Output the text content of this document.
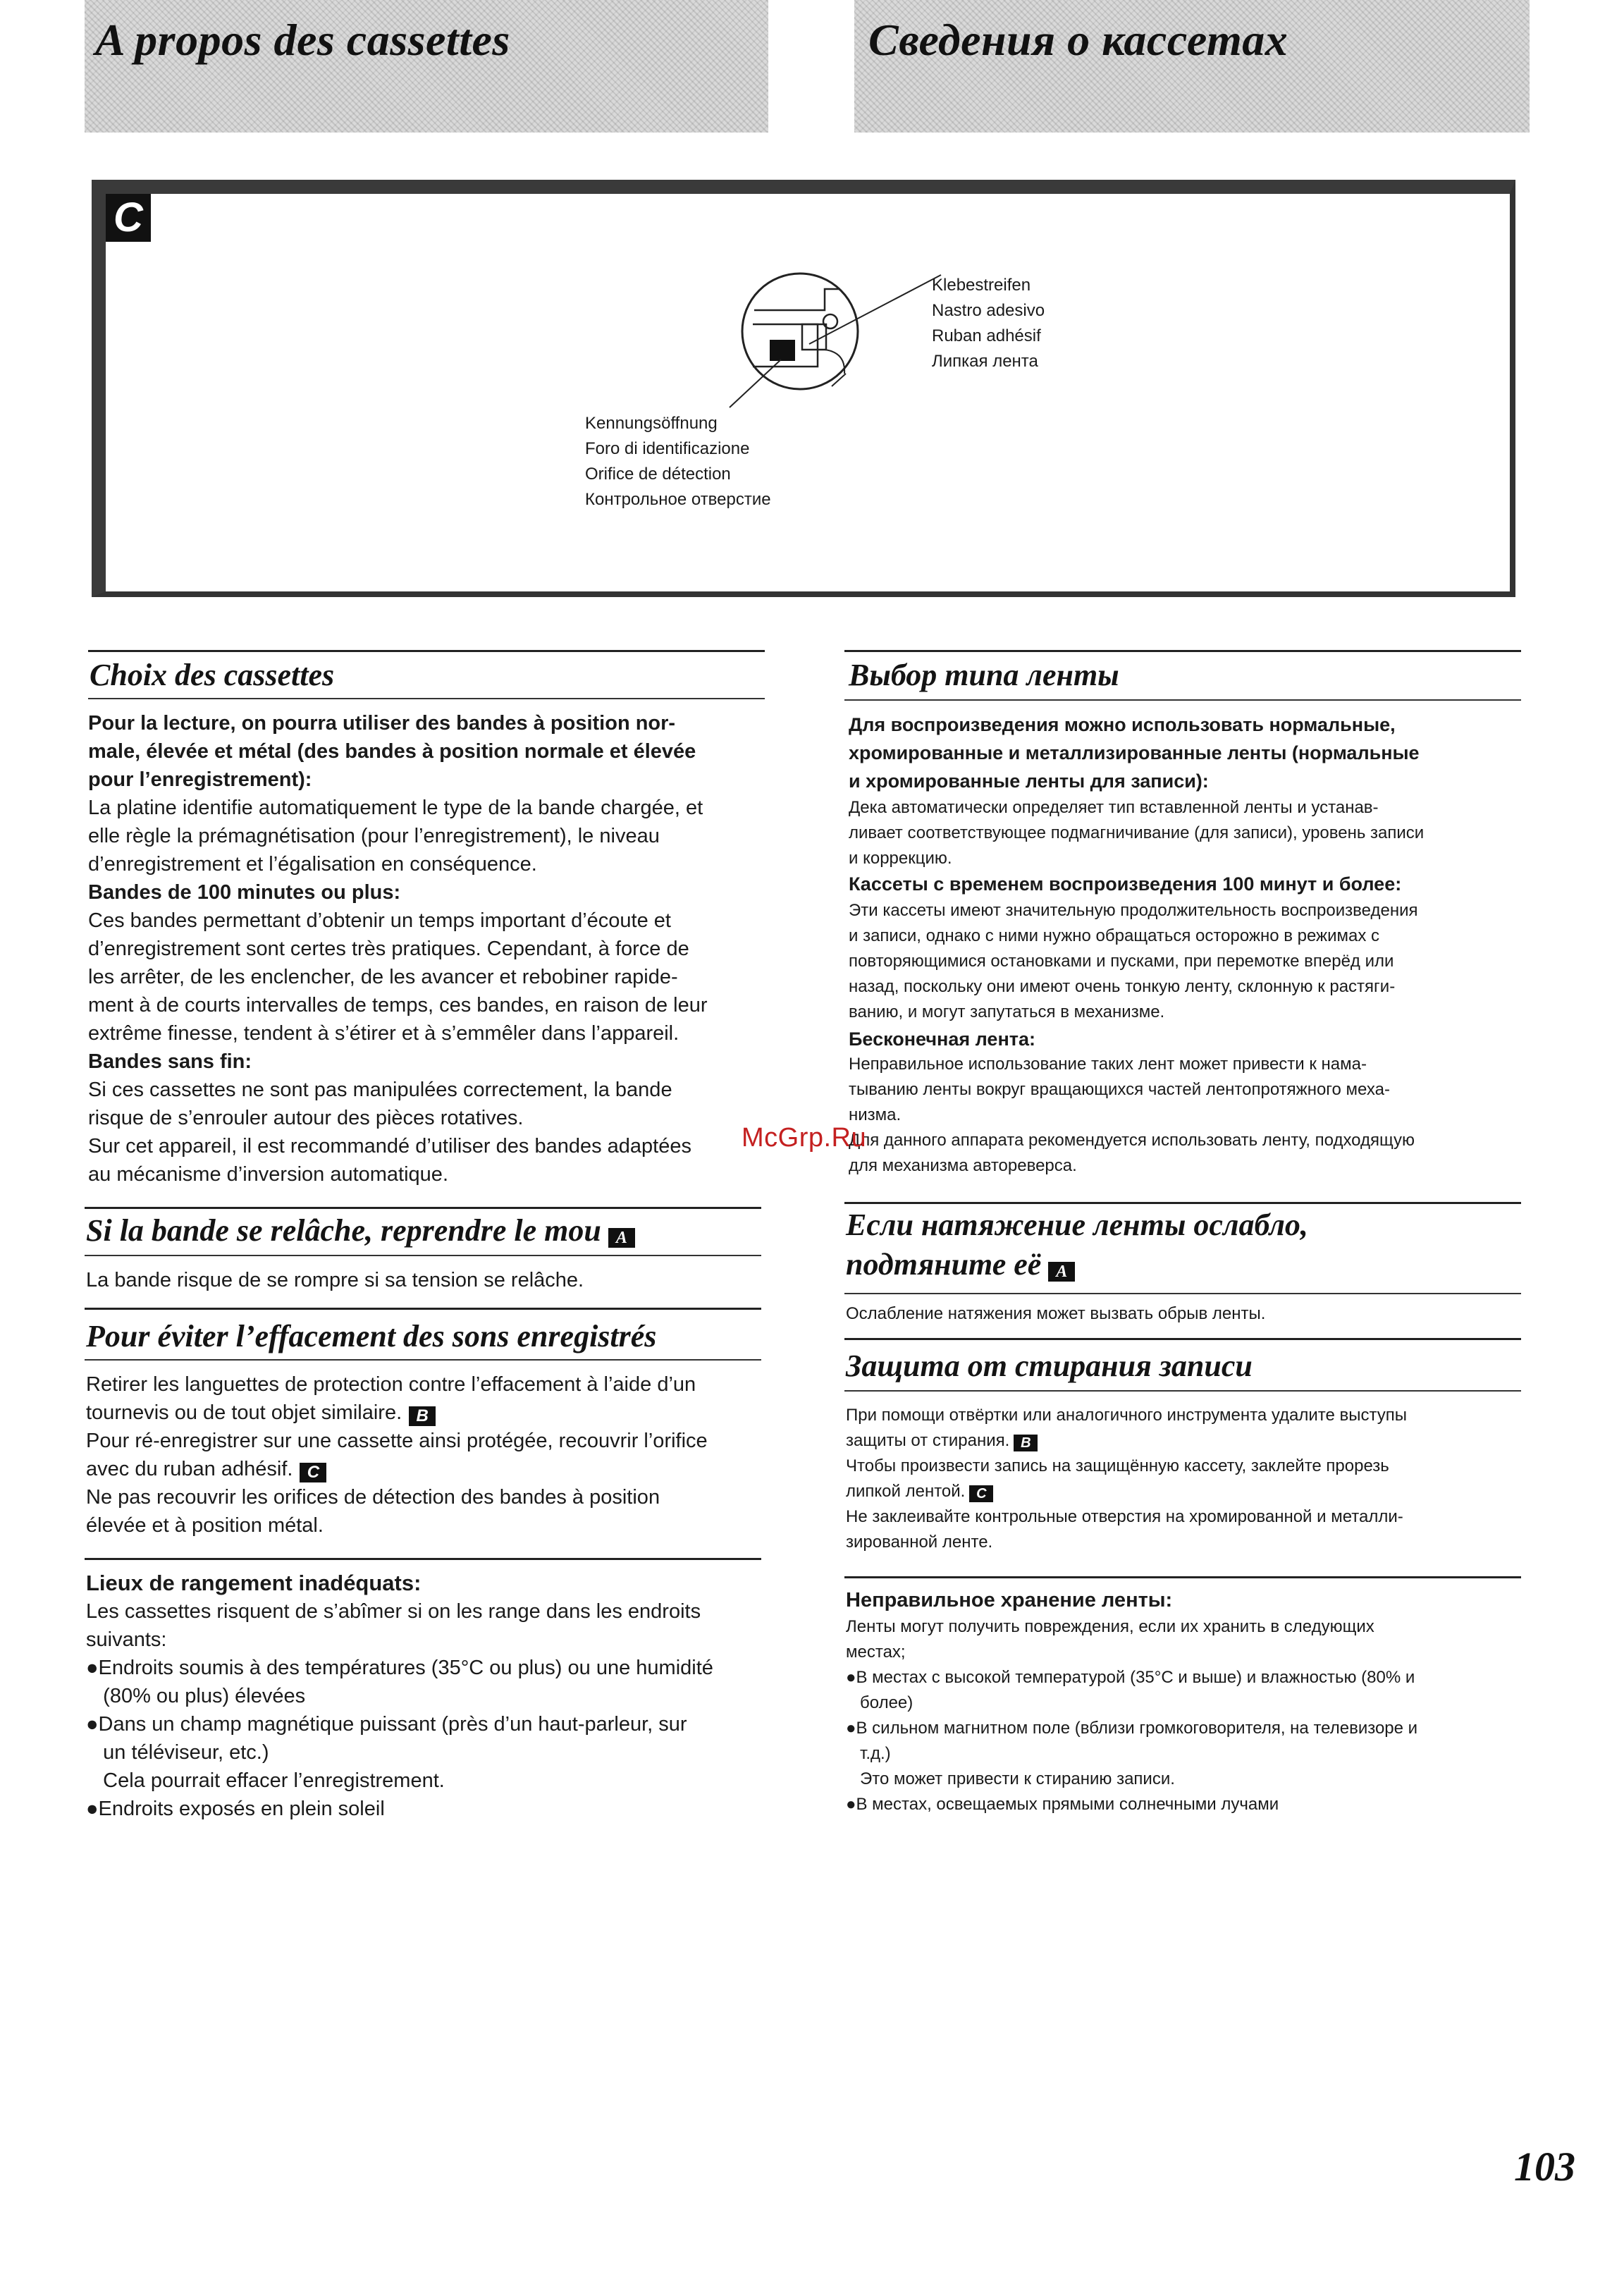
A propos des cassettes	Сведения о кассетах
C
Klebestreifen
Nastro adesivo
Ruban adhésif
Липкая лента
Kennungsöffnung
Foro di identificazione
Orifice de détection
Контрольное отверстие
Choix des cassettes
Pour la lecture, on pourra utiliser des bandes à position nor-
male, élevée et métal (des bandes à position normale et élevée
pour l’enregistrement):
La platine identifie automatiquement le type de la bande chargée, et
elle règle la prémagnétisation (pour l’enregistrement), le niveau
d’enregistrement et l’égalisation en conséquence.
Bandes de 100 minutes ou plus:
Ces bandes permettant d’obtenir un temps important d’écoute et
d’enregistrement sont certes très pratiques. Cependant, à force de
les arrêter, de les enclencher, de les avancer et rebobiner rapide-
ment à de courts intervalles de temps, ces bandes, en raison de leur
extrême finesse, tendent à s’étirer et à s’emmêler dans l’appareil.
Bandes sans fin:
Si ces cassettes ne sont pas manipulées correctement, la bande
risque de s’enrouler autour des pièces rotatives.
Sur cet appareil, il est recommandé d’utiliser des bandes adaptées
au mécanisme d’inversion automatique.
Si la bande se relâche, reprendre le mou A
La bande risque de se rompre si sa tension se relâche.
Pour éviter l’effacement des sons enregistrés
Retirer les languettes de protection contre l’effacement à l’aide d’un
tournevis ou de tout objet similaire. B
Pour ré-enregistrer sur une cassette ainsi protégée, recouvrir l’orifice
avec du ruban adhésif. C
Ne pas recouvrir les orifices de détection des bandes à position
élevée et à position métal.
Lieux de rangement inadéquats:
Les cassettes risquent de s’abîmer si on les range dans les endroits
suivants:
●Endroits soumis à des températures (35°C ou plus) ou une humidité
(80% ou plus) élevées
●Dans un champ magnétique puissant (près d’un haut-parleur, sur
un téléviseur, etc.)
Cela pourrait effacer l’enregistrement.
●Endroits exposés en plein soleil
Выбор типа ленты
Для воспроизведения можно использовать нормальные,
хромированные и металлизированные ленты (нормальные
и хромированные ленты для записи):
Дека автоматически определяет тип вставленной ленты и устанав-
ливает соответствующее подмагничивание (для записи), уровень записи
и коррекцию.
Кассеты с временем воспроизведения 100 минут и более:
Эти кассеты имеют значительную продолжительность воспроизведения
и записи, однако с ними нужно обращаться осторожно в режимах с
повторяющимися остановками и пусками, при перемотке вперёд или
назад, поскольку они имеют очень тонкую ленту, склонную к растяги-
ванию, и могут запутаться в механизме.
Бесконечная лента:
Неправильное использование таких лент может привести к нама-
тыванию ленты вокруг вращающихся частей лентопротяжного меха-
низма.
Для данного аппарата рекомендуется использовать ленту, подходящую
для механизма автореверса.
Если натяжение ленты ослабло,
подтяните её A
Ослабление натяжения может вызвать обрыв ленты.
Защита от стирания записи
При помощи отвёртки или аналогичного инструмента удалите выступы
защиты от стирания. B
Чтобы произвести запись на защищённую кассету, заклейте прорезь
липкой лентой. C
Не заклеивайте контрольные отверстия на хромированной и металли-
зированной ленте.
Неправильное хранение ленты:
Ленты могут получить повреждения, если их хранить в следующих
местах;
●В местах с высокой температурой (35°С и выше) и влажностью (80% и
более)
●В сильном магнитном поле (вблизи громкоговорителя, на телевизоре и
т.д.)
Это может привести к стиранию записи.
●В местах, освещаемых прямыми солнечными лучами
McGrp.Ru
103
